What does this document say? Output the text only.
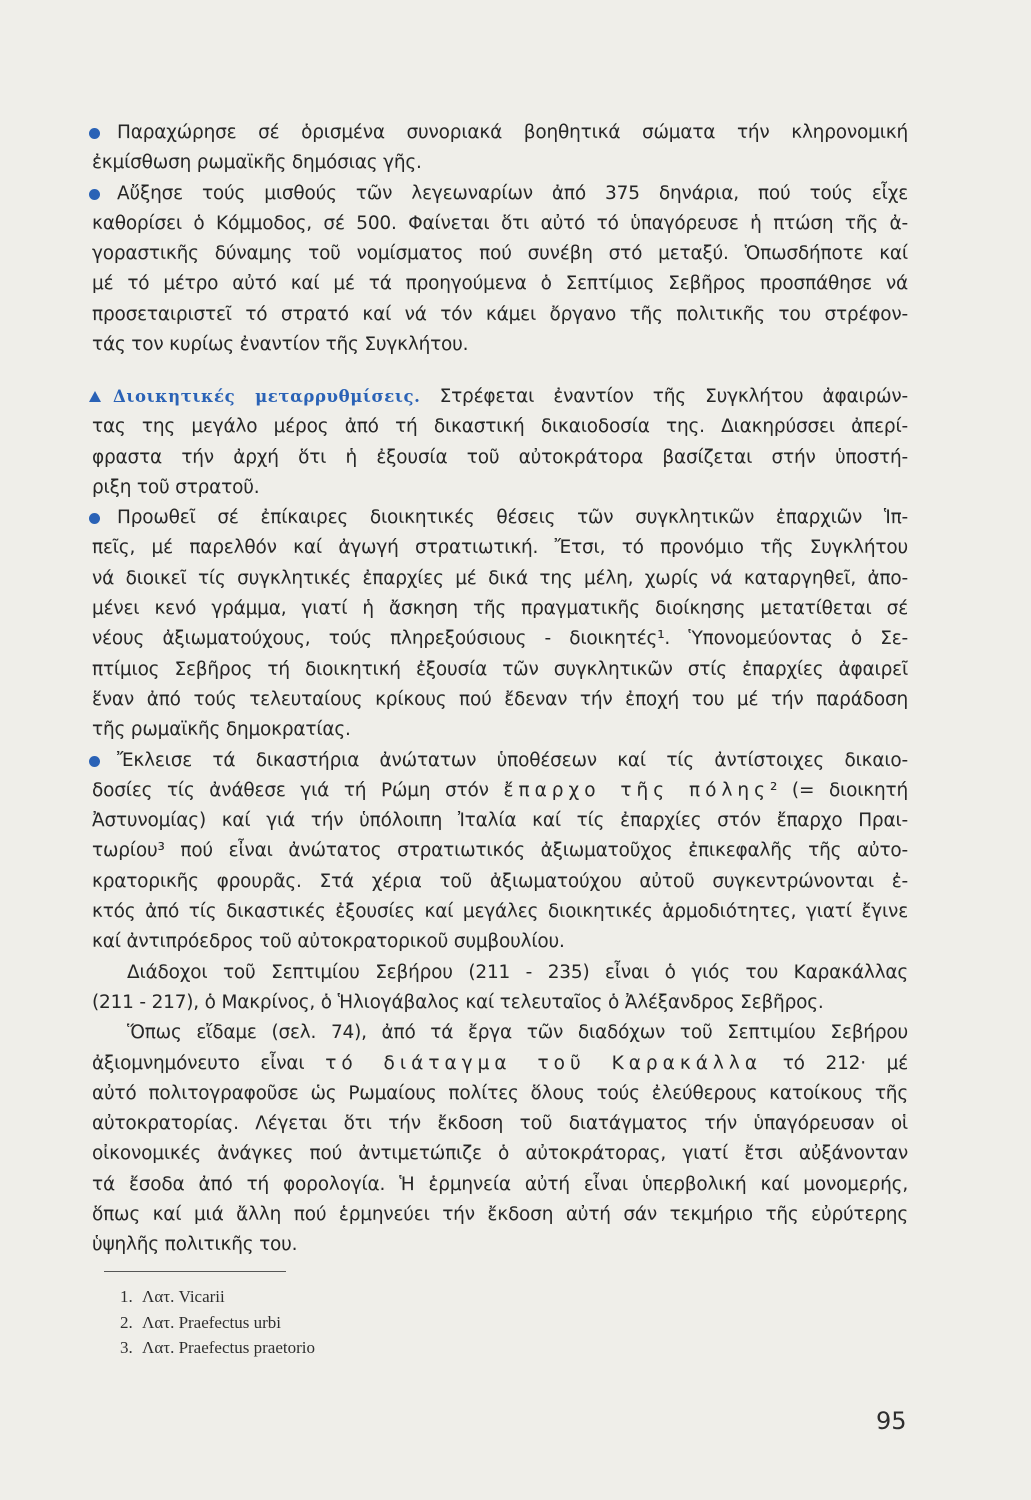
Παραχώρησε σέ ὁρισμένα συνοριακά βοηθητικά σώματα τήν κληρονομική
ἐκμίσθωση ρωμαϊκῆς δημόσιας γῆς.
Αὔξησε τούς μισθούς τῶν λεγεωναρίων ἀπό 375 δηνάρια, πού τούς εἶχε
καθορίσει ὁ Κόμμοδος, σέ 500. Φαίνεται ὅτι αὐτό τό ὑπαγόρευσε ἡ πτώση τῆς ἀ-
γοραστικῆς δύναμης τοῦ νομίσματος πού συνέβη στό μεταξύ. Ὁπωσδήποτε καί
μέ τό μέτρο αὐτό καί μέ τά προηγούμενα ὁ Σεπτίμιος Σεβῆρος προσπάθησε νά
προσεταιριστεῖ τό στρατό καί νά τόν κάμει ὄργανο τῆς πολιτικῆς του στρέφον-
τάς τον κυρίως ἐναντίον τῆς Συγκλήτου.
Διοικητικές μεταρρυθμίσεις. Στρέφεται ἐναντίον τῆς Συγκλήτου ἀφαιρών-
τας της μεγάλο μέρος ἀπό τή δικαστική δικαιοδοσία της. Διακηρύσσει ἀπερί-
φραστα τήν ἀρχή ὅτι ἡ ἐξουσία τοῦ αὐτοκράτορα βασίζεται στήν ὑποστή-
ριξη τοῦ στρατοῦ.
Προωθεῖ σέ ἐπίκαιρες διοικητικές θέσεις τῶν συγκλητικῶν ἐπαρχιῶν Ἱπ-
πεῖς, μέ παρελθόν καί ἀγωγή στρατιωτική. Ἔτσι, τό προνόμιο τῆς Συγκλήτου
νά διοικεῖ τίς συγκλητικές ἐπαρχίες μέ δικά της μέλη, χωρίς νά καταργηθεῖ, ἀπο-
μένει κενό γράμμα, γιατί ἡ ἄσκηση τῆς πραγματικῆς διοίκησης μετατίθεται σέ
νέους ἀξιωματούχους, τούς πληρεξούσιους - διοικητές¹. Ὑπονομεύοντας ὁ Σε-
πτίμιος Σεβῆρος τή διοικητική ἐξουσία τῶν συγκλητικῶν στίς ἐπαρχίες ἀφαιρεῖ
ἕναν ἀπό τούς τελευταίους κρίκους πού ἔδεναν τήν ἐποχή του μέ τήν παράδοση
τῆς ρωμαϊκῆς δημοκρατίας.
Ἔκλεισε τά δικαστήρια ἀνώτατων ὑποθέσεων καί τίς ἀντίστοιχες δικαιο-
δοσίες τίς ἀνάθεσε γιά τή Ρώμη στόν ἔπαρχο τῆς πόλης² (= διοικητή
Ἀστυνομίας) καί γιά τήν ὑπόλοιπη Ἰταλία καί τίς ἐπαρχίες στόν ἔπαρχο Πραι-
τωρίου³ πού εἶναι ἀνώτατος στρατιωτικός ἀξιωματοῦχος ἐπικεφαλῆς τῆς αὐτο-
κρατορικῆς φρουρᾶς. Στά χέρια τοῦ ἀξιωματούχου αὐτοῦ συγκεντρώνονται ἐ-
κτός ἀπό τίς δικαστικές ἐξουσίες καί μεγάλες διοικητικές ἁρμοδιότητες, γιατί ἔγινε
καί ἀντιπρόεδρος τοῦ αὐτοκρατορικοῦ συμβουλίου.
Διάδοχοι τοῦ Σεπτιμίου Σεβήρου (211 - 235) εἶναι ὁ γιός του Καρακάλλας
(211 - 217), ὁ Μακρίνος, ὁ Ἡλιογάβαλος καί τελευταῖος ὁ Ἀλέξανδρος Σεβῆρος.
Ὅπως εἴδαμε (σελ. 74), ἀπό τά ἔργα τῶν διαδόχων τοῦ Σεπτιμίου Σεβήρου
ἀξιομνημόνευτο εἶναι τό διάταγμα τοῦ Καρακάλλα τό 212· μέ
αὐτό πολιτογραφοῦσε ὡς Ρωμαίους πολίτες ὅλους τούς ἐλεύθερους κατοίκους τῆς
αὐτοκρατορίας. Λέγεται ὅτι τήν ἔκδοση τοῦ διατάγματος τήν ὑπαγόρευσαν οἱ
οἰκονομικές ἀνάγκες πού ἀντιμετώπιζε ὁ αὐτοκράτορας, γιατί ἔτσι αὐξάνονταν
τά ἔσοδα ἀπό τή φορολογία. Ἡ ἑρμηνεία αὐτή εἶναι ὑπερβολική καί μονομερής,
ὅπως καί μιά ἄλλη πού ἑρμηνεύει τήν ἔκδοση αὐτή σάν τεκμήριο τῆς εὐρύτερης
ὑψηλῆς πολιτικῆς του.
1. Λατ. Vicarii
2. Λατ. Praefectus urbi
3. Λατ. Praefectus praetorio
95
